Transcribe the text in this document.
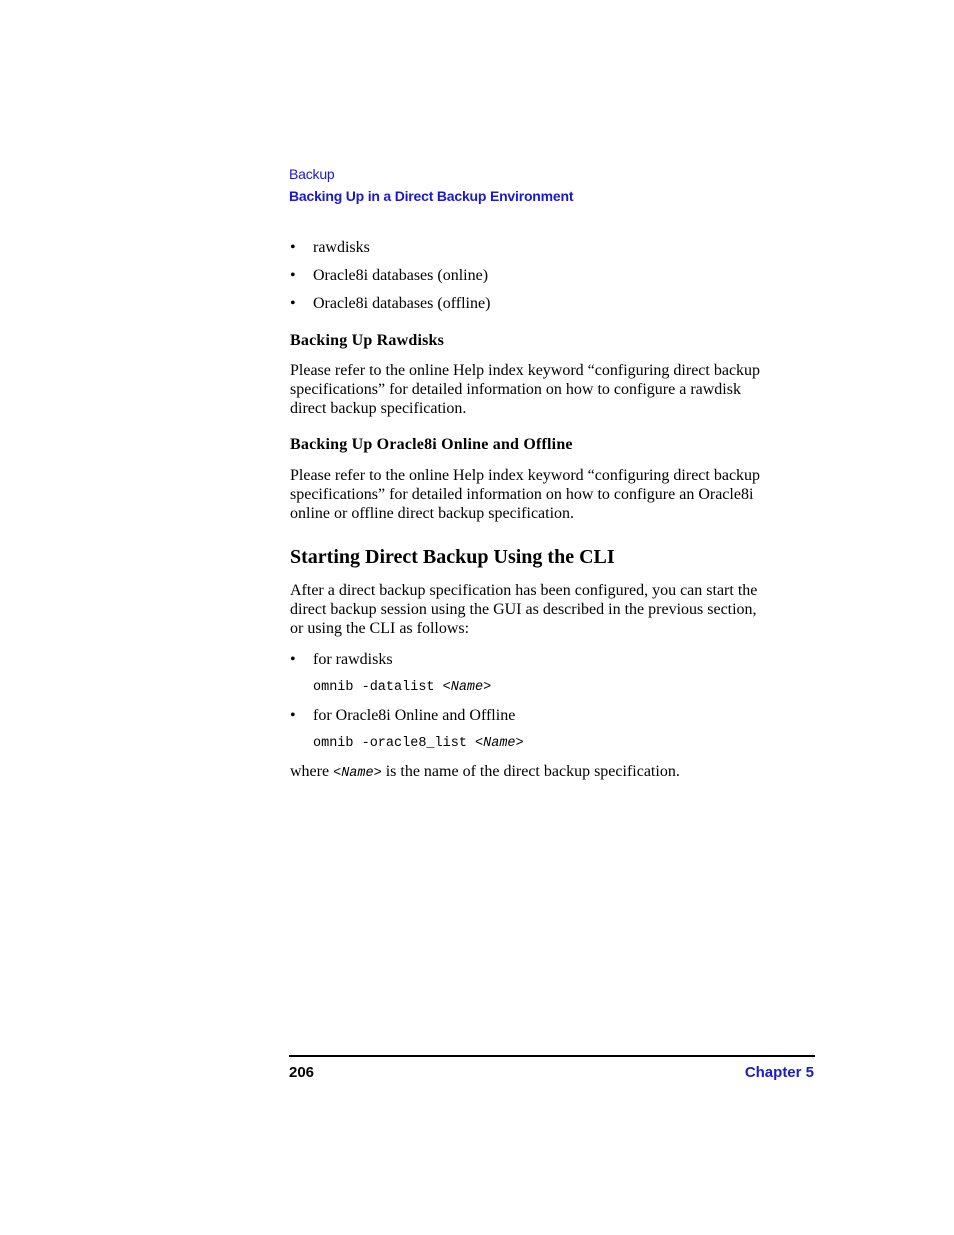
Backup
Backing Up in a Direct Backup Environment
• rawdisks
• Oracle8i databases (online)
• Oracle8i databases (offline)
Backing Up Rawdisks
Please refer to the online Help index keyword “configuring direct backup
specifications” for detailed information on how to configure a rawdisk
direct backup specification.
Backing Up Oracle8i Online and Offline
Please refer to the online Help index keyword “configuring direct backup
specifications” for detailed information on how to configure an Oracle8i
online or offline direct backup specification.
Starting Direct Backup Using the CLI
After a direct backup specification has been configured, you can start the
direct backup session using the GUI as described in the previous section,
or using the CLI as follows:
• for rawdisks
omnib -datalist <Name>
• for Oracle8i Online and Offline
omnib -oracle8_list <Name>
where <Name> is the name of the direct backup specification.
206	Chapter 5
